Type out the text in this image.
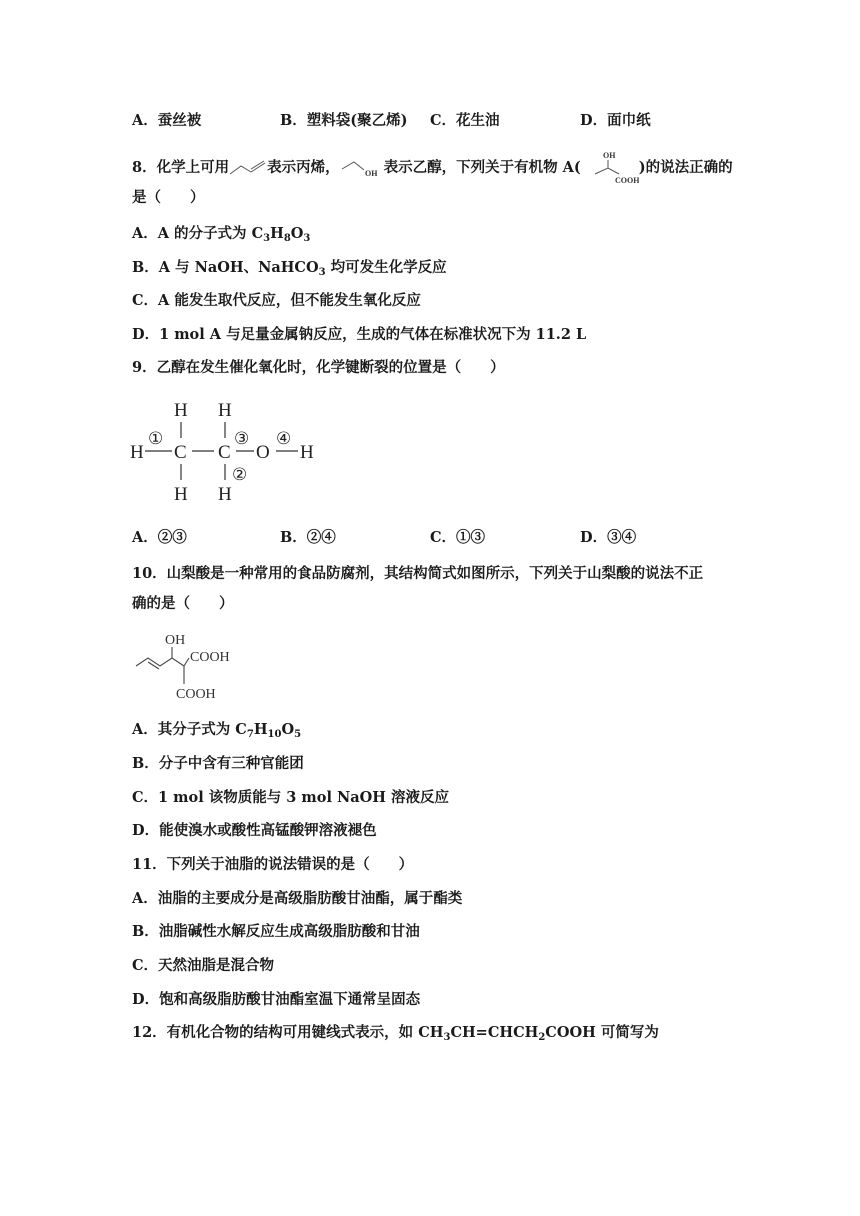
A．蚕丝被	B．塑料袋(聚乙烯) C．花生油	D．面巾纸
8．化学上可用	表示丙烯，	OH 表示乙醇，下列关于有机物 A(
OH
COOH
)的说法正确的
是（　　）
A．A 的分子式为 $C_3H_8O_3$
B．A 与 NaOH、NaHCO$_3$ 均可发生化学反应
C．A 能发生取代反应，但不能发生氧化反应
D．1 mol A 与足量金属钠反应，生成的气体在标准状况下为 11.2 L
9．乙醇在发生催化氧化时，化学键断裂的位置是（　　）
H H
H C C O H
H H
①
②
③ ④
A．②③	B．②④	C．①③	D．③④
10．山梨酸是一种常用的食品防腐剂，其结构简式如图所示，下列关于山梨酸的说法不正
确的是（　　）
OH
COOH
COOH
A．其分子式为 $C_7H_{10}O_5$
B．分子中含有三种官能团
C．1 mol 该物质能与 3 mol NaOH 溶液反应
D．能使溴水或酸性高锰酸钾溶液褪色
11．下列关于油脂的说法错误的是（　　）
A．油脂的主要成分是高级脂肪酸甘油酯，属于酯类
B．油脂碱性水解反应生成高级脂肪酸和甘油
C．天然油脂是混合物
D．饱和高级脂肪酸甘油酯室温下通常呈固态
12．有机化合物的结构可用键线式表示，如 $CH_3CH=CHCH_2COOH$ 可简写为
